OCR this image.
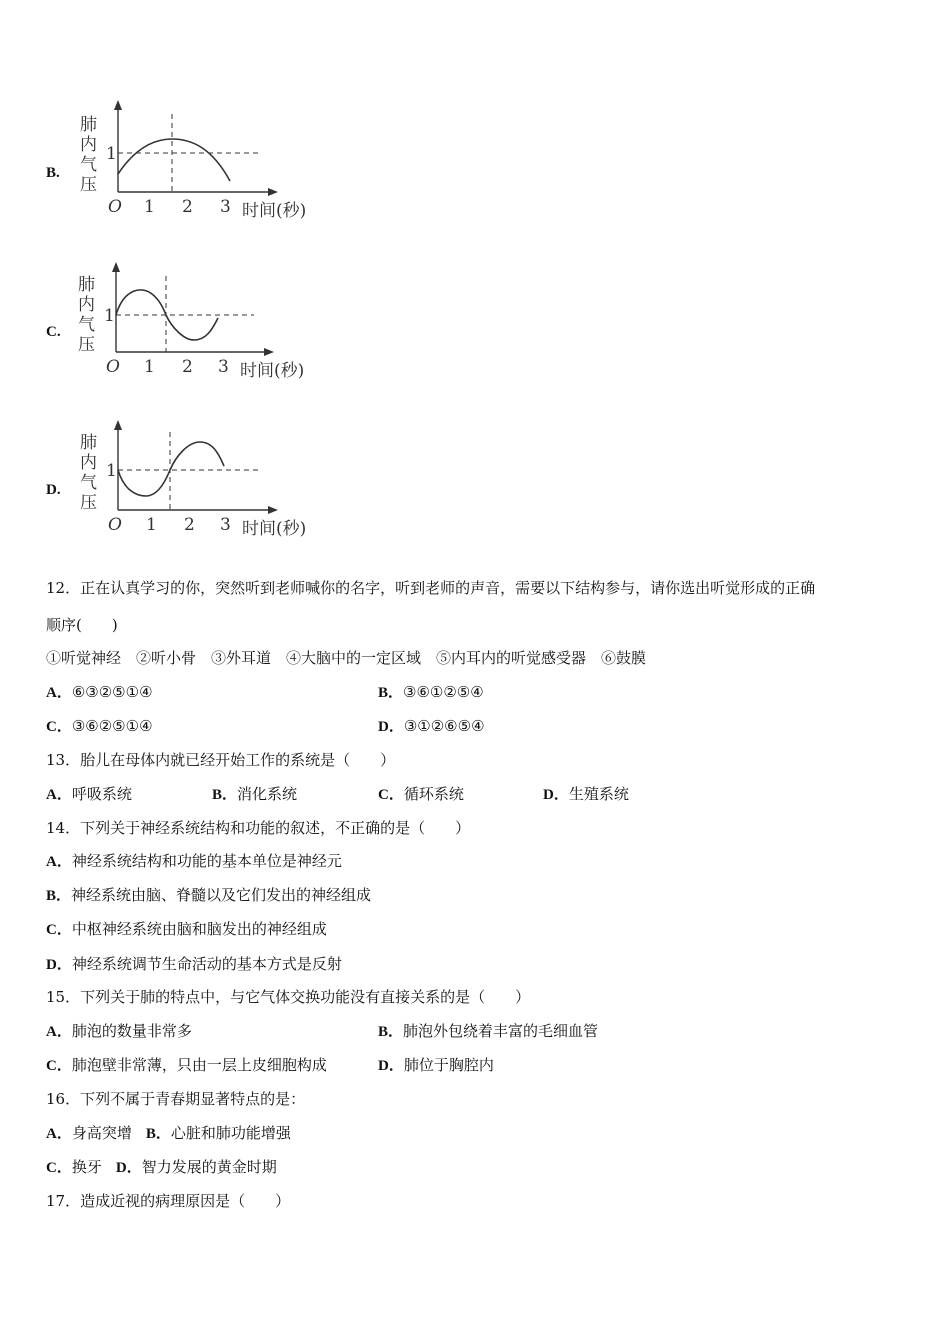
B.
肺
内
气
压
1
O 1 2 3 时间(秒)
C.
肺
内
气
压
1
O 1 2 3 时间(秒)
D.
肺
内
气
压
1
O 1 2 3 时间(秒)
12．正在认真学习的你，突然听到老师喊你的名字，听到老师的声音，需要以下结构参与，请你选出听觉形成的正确
顺序(　　)
①听觉神经　②听小骨　③外耳道　④大脑中的一定区域　⑤内耳内的听觉感受器　⑥鼓膜
A．⑥③②⑤①④	B．③⑥①②⑤④
C．③⑥②⑤①④	D．③①②⑥⑤④
13．胎儿在母体内就已经开始工作的系统是（　　）
A．呼吸系统	B．消化系统	C．循环系统	D．生殖系统
14．下列关于神经系统结构和功能的叙述，不正确的是（　　）
A．神经系统结构和功能的基本单位是神经元
B．神经系统由脑、脊髓以及它们发出的神经组成
C．中枢神经系统由脑和脑发出的神经组成
D．神经系统调节生命活动的基本方式是反射
15．下列关于肺的特点中，与它气体交换功能没有直接关系的是（　　）
A．肺泡的数量非常多	B．肺泡外包绕着丰富的毛细血管
C．肺泡壁非常薄，只由一层上皮细胞构成	D．肺位于胸腔内
16．下列不属于青春期显著特点的是：
A．身高突增 B．心脏和肺功能增强
C．换牙 D．智力发展的黄金时期
17．造成近视的病理原因是（　　）
